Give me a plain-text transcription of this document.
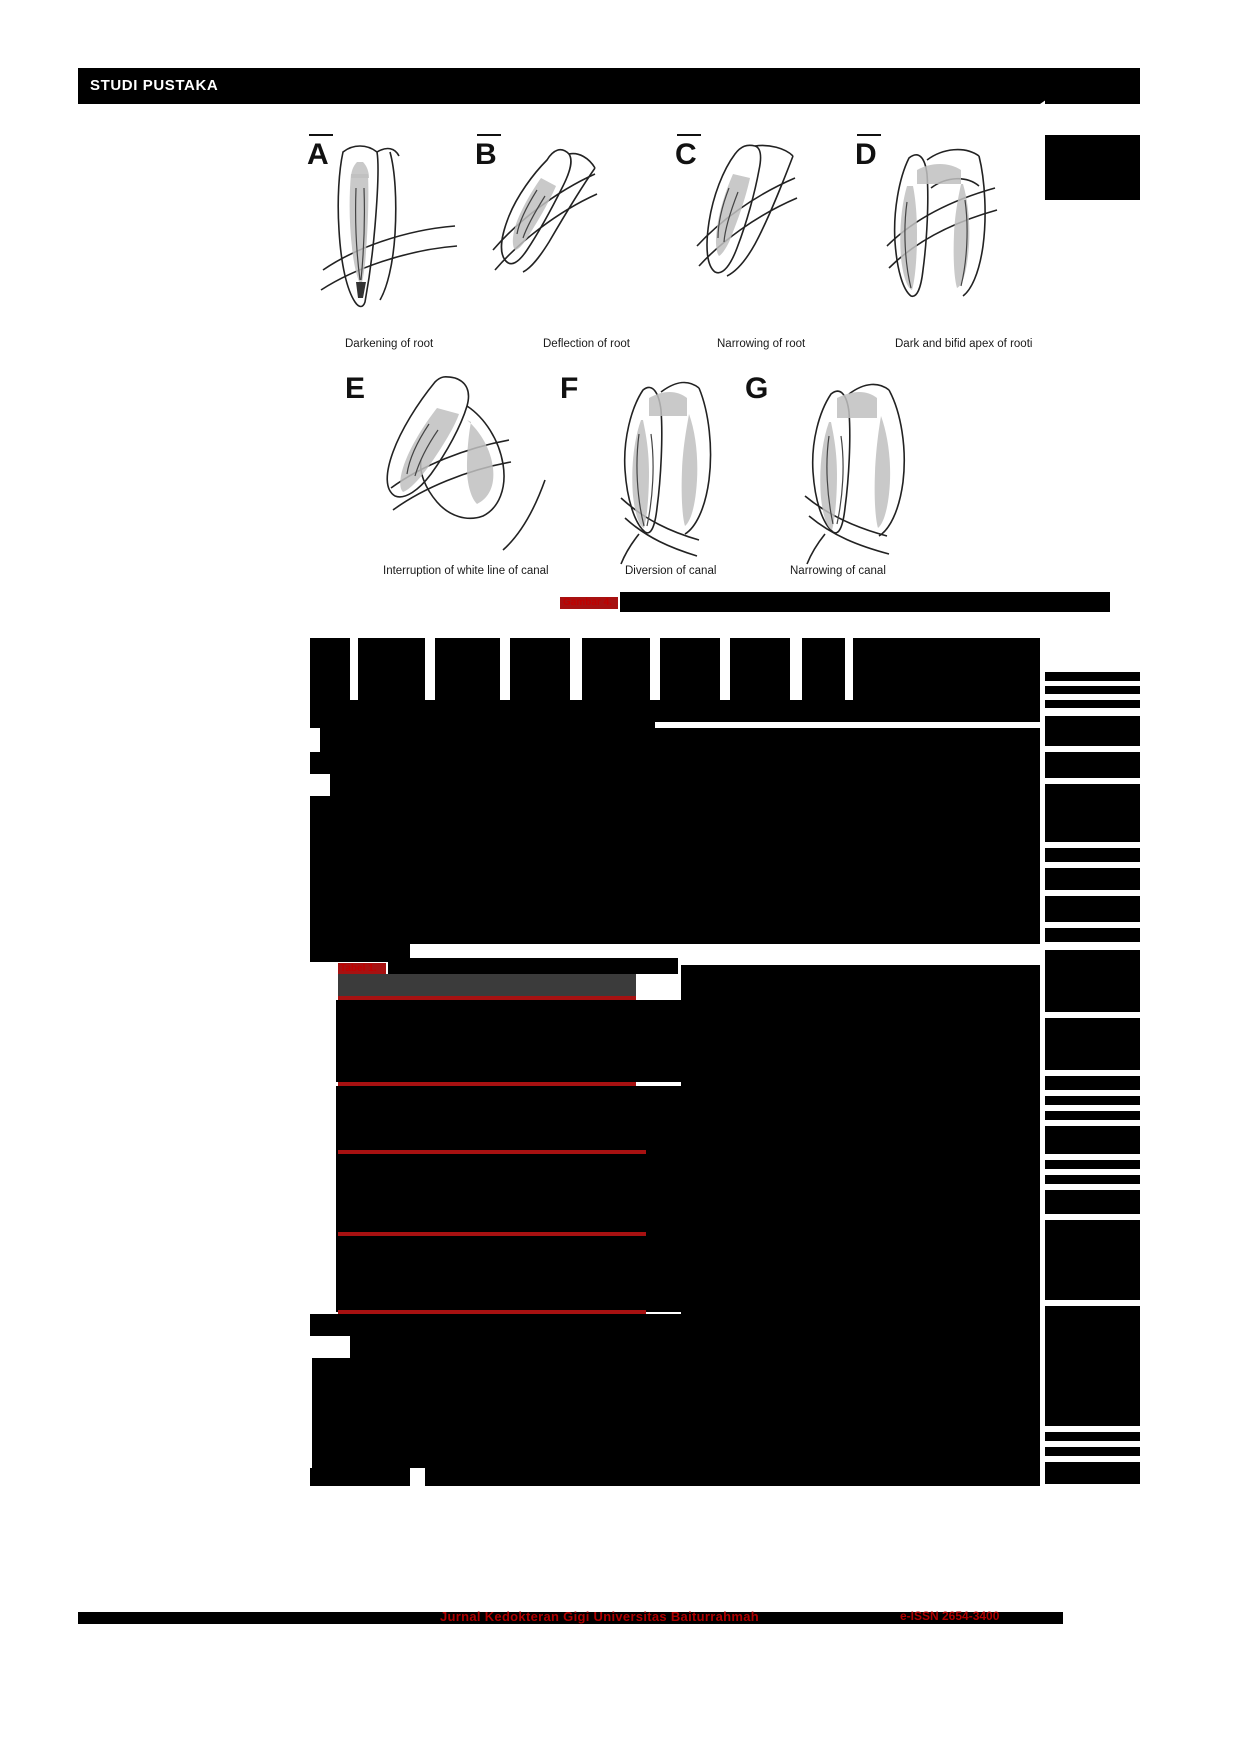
STUDI PUSTAKA
A	B	C	D
Darkening of root	Deflection of root	Narrowing of root	Dark and bifid apex of rooti
E	F	G
Interruption of white line of canal	Diversion of canal	Narrowing of canal
Gambar 4.
Tabel 1.
Jurnal Kedokteran Gigi Universitas Baiturrahmah	e-ISSN 2654-3400
